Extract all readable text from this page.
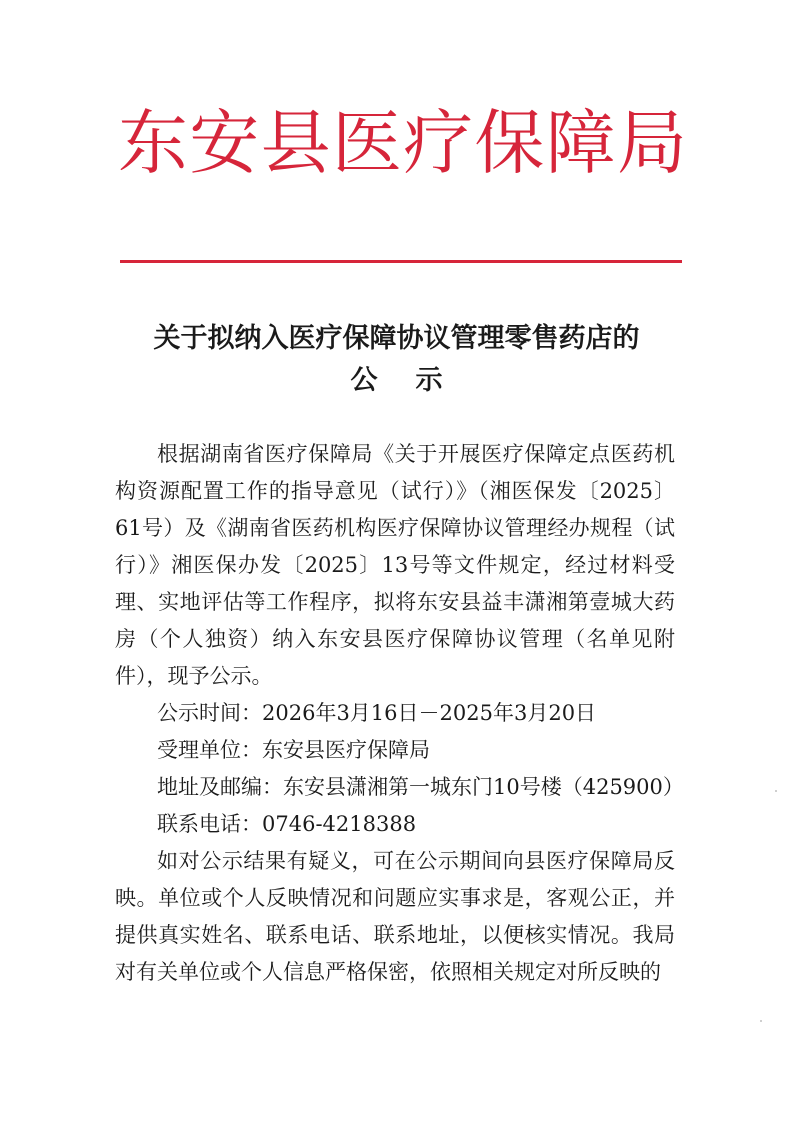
东安县医疗保障局
关于拟纳入医疗保障协议管理零售药店的
公示

根据湖南省医疗保障局《关于开展医疗保障定点医药机构资源配置工作的指导意见（试行）》（湘医保发〔2025〕61号）及《湖南省医药机构医疗保障协议管理经办规程（试行）》湘医保办发〔2025〕13号等文件规定，经过材料受理、实地评估等工作程序，拟将东安县益丰潇湘第壹城大药房（个人独资）纳入东安县医疗保障协议管理（名单见附件），现予公示。

公示时间：2026年3月16日－2025年3月20日
受理单位：东安县医疗保障局
地址及邮编：东安县潇湘第一城东门10号楼（425900）
联系电话：0746-4218388

如对公示结果有疑义，可在公示期间向县医疗保障局反映。单位或个人反映情况和问题应实事求是，客观公正，并提供真实姓名、联系电话、联系地址，以便核实情况。我局对有关单位或个人信息严格保密，依照相关规定对所反映的
